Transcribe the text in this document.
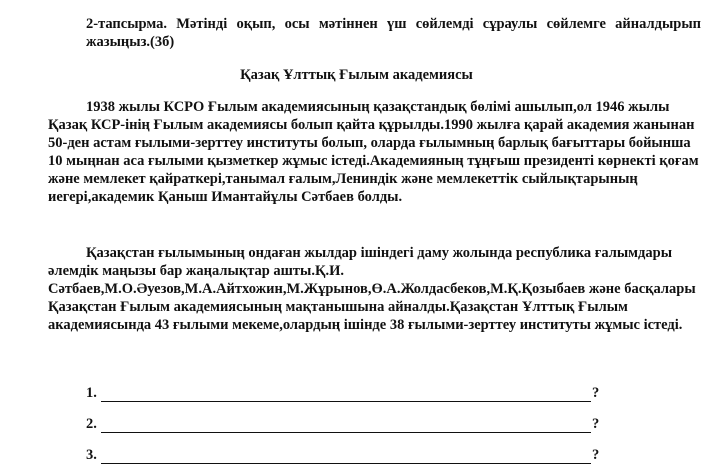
2-тапсырма. Мәтінді оқып, осы мәтіннен үш сөйлемді сұраулы сөйлемге айналдырып жазыңыз.(3б)
Қазақ Ұлттық Ғылым академиясы
1938 жылы КСРО Ғылым академиясының қазақстандық бөлімі ашылып,ол 1946 жылы Қазақ КСР-інің Ғылым академиясы болып қайта құрылды.1990 жылға қарай академия жанынан 50-ден астам ғылыми-зерттеу институты болып, оларда ғылымның барлық бағыттары бойынша 10 мыңнан аса ғылыми қызметкер жұмыс істеді.Академияның тұңғыш президенті көрнекті қоғам және мемлекет қайраткері,танымал ғалым,Лениндік және мемлекеттік сыйлықтарының иегері,академик Қаныш Имантайұлы Сәтбаев болды.
Қазақстан ғылымының ондаған жылдар ішіндегі даму жолында республика ғалымдары әлемдік маңызы бар жаңалықтар ашты.Қ.И. Сәтбаев,М.О.Әуезов,М.А.Айтхожин,М.Жұрынов,Ө.А.Жолдасбеков,М.Қ.Қозыбаев және басқалары Қазақстан Ғылым академиясының мақтанышына айналды.Қазақстан Ұлттық Ғылым академиясында 43 ғылыми мекеме,олардың ішінде 38 ғылыми-зерттеу институты жұмыс істеді.
1.	?
2.	?
3.	?
